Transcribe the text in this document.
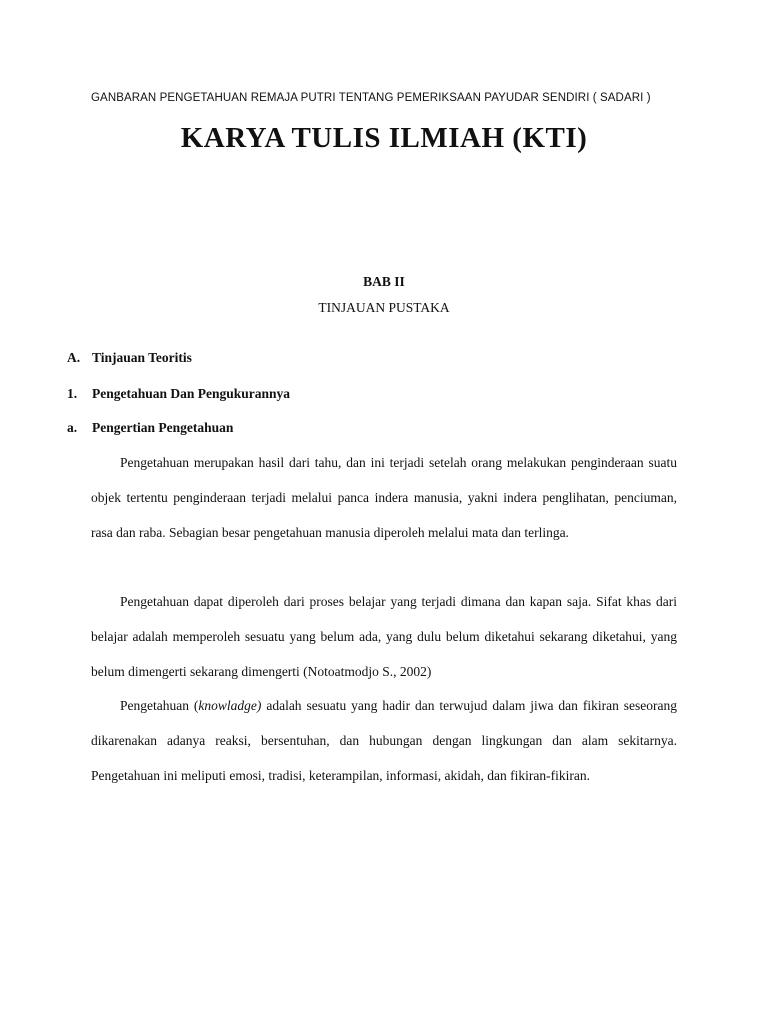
GANBARAN PENGETAHUAN REMAJA PUTRI TENTANG PEMERIKSAAN PAYUDAR SENDIRI ( SADARI )
KARYA TULIS ILMIAH (KTI)
BAB II
TINJAUAN PUSTAKA
A. Tinjauan Teoritis
1. Pengetahuan Dan Pengukurannya
a. Pengertian Pengetahuan

Pengetahuan merupakan hasil dari tahu, dan ini terjadi setelah orang melakukan penginderaan suatu objek tertentu penginderaan terjadi melalui panca indera manusia, yakni indera penglihatan, penciuman, rasa dan raba. Sebagian besar pengetahuan manusia diperoleh melalui mata dan terlinga.

Pengetahuan dapat diperoleh dari proses belajar yang terjadi dimana dan kapan saja. Sifat khas dari belajar adalah memperoleh sesuatu yang belum ada, yang dulu belum diketahui sekarang diketahui, yang belum dimengerti sekarang dimengerti (Notoatmodjo S., 2002)

Pengetahuan (knowladge) adalah sesuatu yang hadir dan terwujud dalam jiwa dan fikiran seseorang dikarenakan adanya reaksi, bersentuhan, dan hubungan dengan lingkungan dan alam sekitarnya. Pengetahuan ini meliputi emosi, tradisi, keterampilan, informasi, akidah, dan fikiran-fikiran.
